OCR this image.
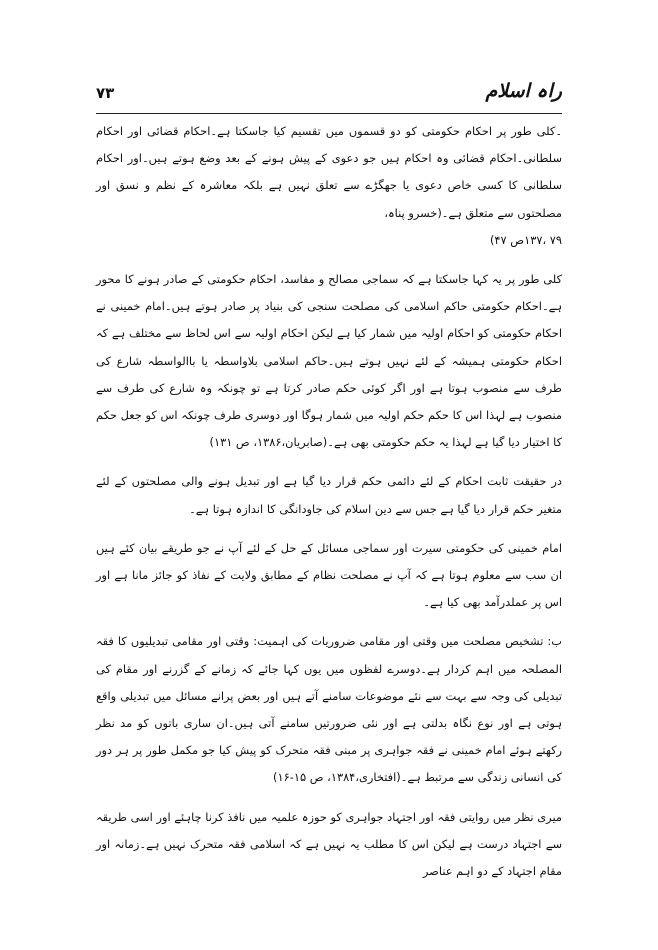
راہ اسلام
۷۳

۔کلی طور پر احکام حکومتی کو دو قسموں میں تقسیم کیا جاسکتا ہے۔احکام قضائی اور احکام سلطانی۔احکام قضائی وہ احکام ہیں جو دعوی کے پیش ہونے کے بعد وضع ہوتے ہیں۔اور احکام سلطانی کا کسی خاص دعوی یا جھگڑے سے تعلق نہیں ہے بلکہ معاشرہ کے نظم و نسق اور مصلحتوں سے متعلق ہے۔(خسرو پناہ،
۷۹ ،۱۳۷ص ۴۷)

کلی طور پر یہ کہا جاسکتا ہے کہ سماجی مصالح و مفاسد، احکام حکومتی کے صادر ہونے کا محور ہے۔احکام حکومتی حاکم اسلامی کی مصلحت سنجی کی بنیاد پر صادر ہوتے ہیں۔امام خمینی نے احکام حکومتی کو احکام اولیہ میں شمار کیا ہے لیکن احکام اولیہ سے اس لحاظ سے مختلف ہے کہ احکام حکومتی ہمیشہ کے لئے نہیں ہوتے ہیں۔حاکم اسلامی بلاواسطہ یا باالواسطہ شارع کی طرف سے منصوب ہوتا ہے اور اگر کوئی حکم صادر کرتا ہے تو چونکہ وہ شارع کی طرف سے منصوب ہے لہذا اس کا حکم حکم اولیہ میں شمار ہوگا اور دوسری طرف چونکہ اس کو جعل حکم کا اختیار دیا گیا ہے لہذا یہ حکم حکومتی بھی ہے۔(صابریان،۱۳۸۶، ص ۱۳۱)

در حقیقت ثابت احکام کے لئے دائمی حکم قرار دیا گیا ہے اور تبدیل ہونے والی مصلحتوں کے لئے متغیر حکم قرار دیا گیا ہے جس سے دین اسلام کی جاودانگی کا اندازہ ہوتا ہے۔

امام خمینی کی حکومتی سیرت اور سماجی مسائل کے حل کے لئے آپ نے جو طریقے بیان کئے ہیں ان سب سے معلوم ہوتا ہے کہ آپ نے مصلحت نظام کے مطابق ولایت کے نفاذ کو جائز مانا ہے اور اس پر عملدرآمد بھی کیا ہے۔

ب: تشخیص مصلحت میں وقتی اور مقامی ضروریات کی اہمیت: وقتی اور مقامی تبدیلیوں کا فقہ المصلحہ میں اہم کردار ہے۔دوسرے لفظوں میں یوں کہا جائے کہ زمانے کے گزرنے اور مقام کی تبدیلی کی وجہ سے بہت سے نئے موضوعات سامنے آتے ہیں اور بعض پرانے مسائل میں تبدیلی واقع ہوتی ہے اور نوع نگاہ بدلتی ہے اور نئی ضرورتیں سامنے آتی ہیں۔ان ساری باتوں کو مد نظر رکھتے ہوئے امام خمینی نے فقہ جواہری پر مبنی فقہ متحرک کو پیش کیا جو مکمل طور پر ہر دور کی انسانی زندگی سے مرتبط ہے۔(افتخاری،۱۳۸۴، ص ۱۵-۱۶)

میری نظر میں روایتی فقہ اور اجتہاد جواہری کو حوزہ علمیہ میں نافذ کرنا چاہئے اور اسی طریقہ سے اجتہاد درست ہے لیکن اس کا مطلب یہ نہیں ہے کہ اسلامی فقہ متحرک نہیں ہے۔زمانہ اور مقام اجتہاد کے دو اہم عناصر
